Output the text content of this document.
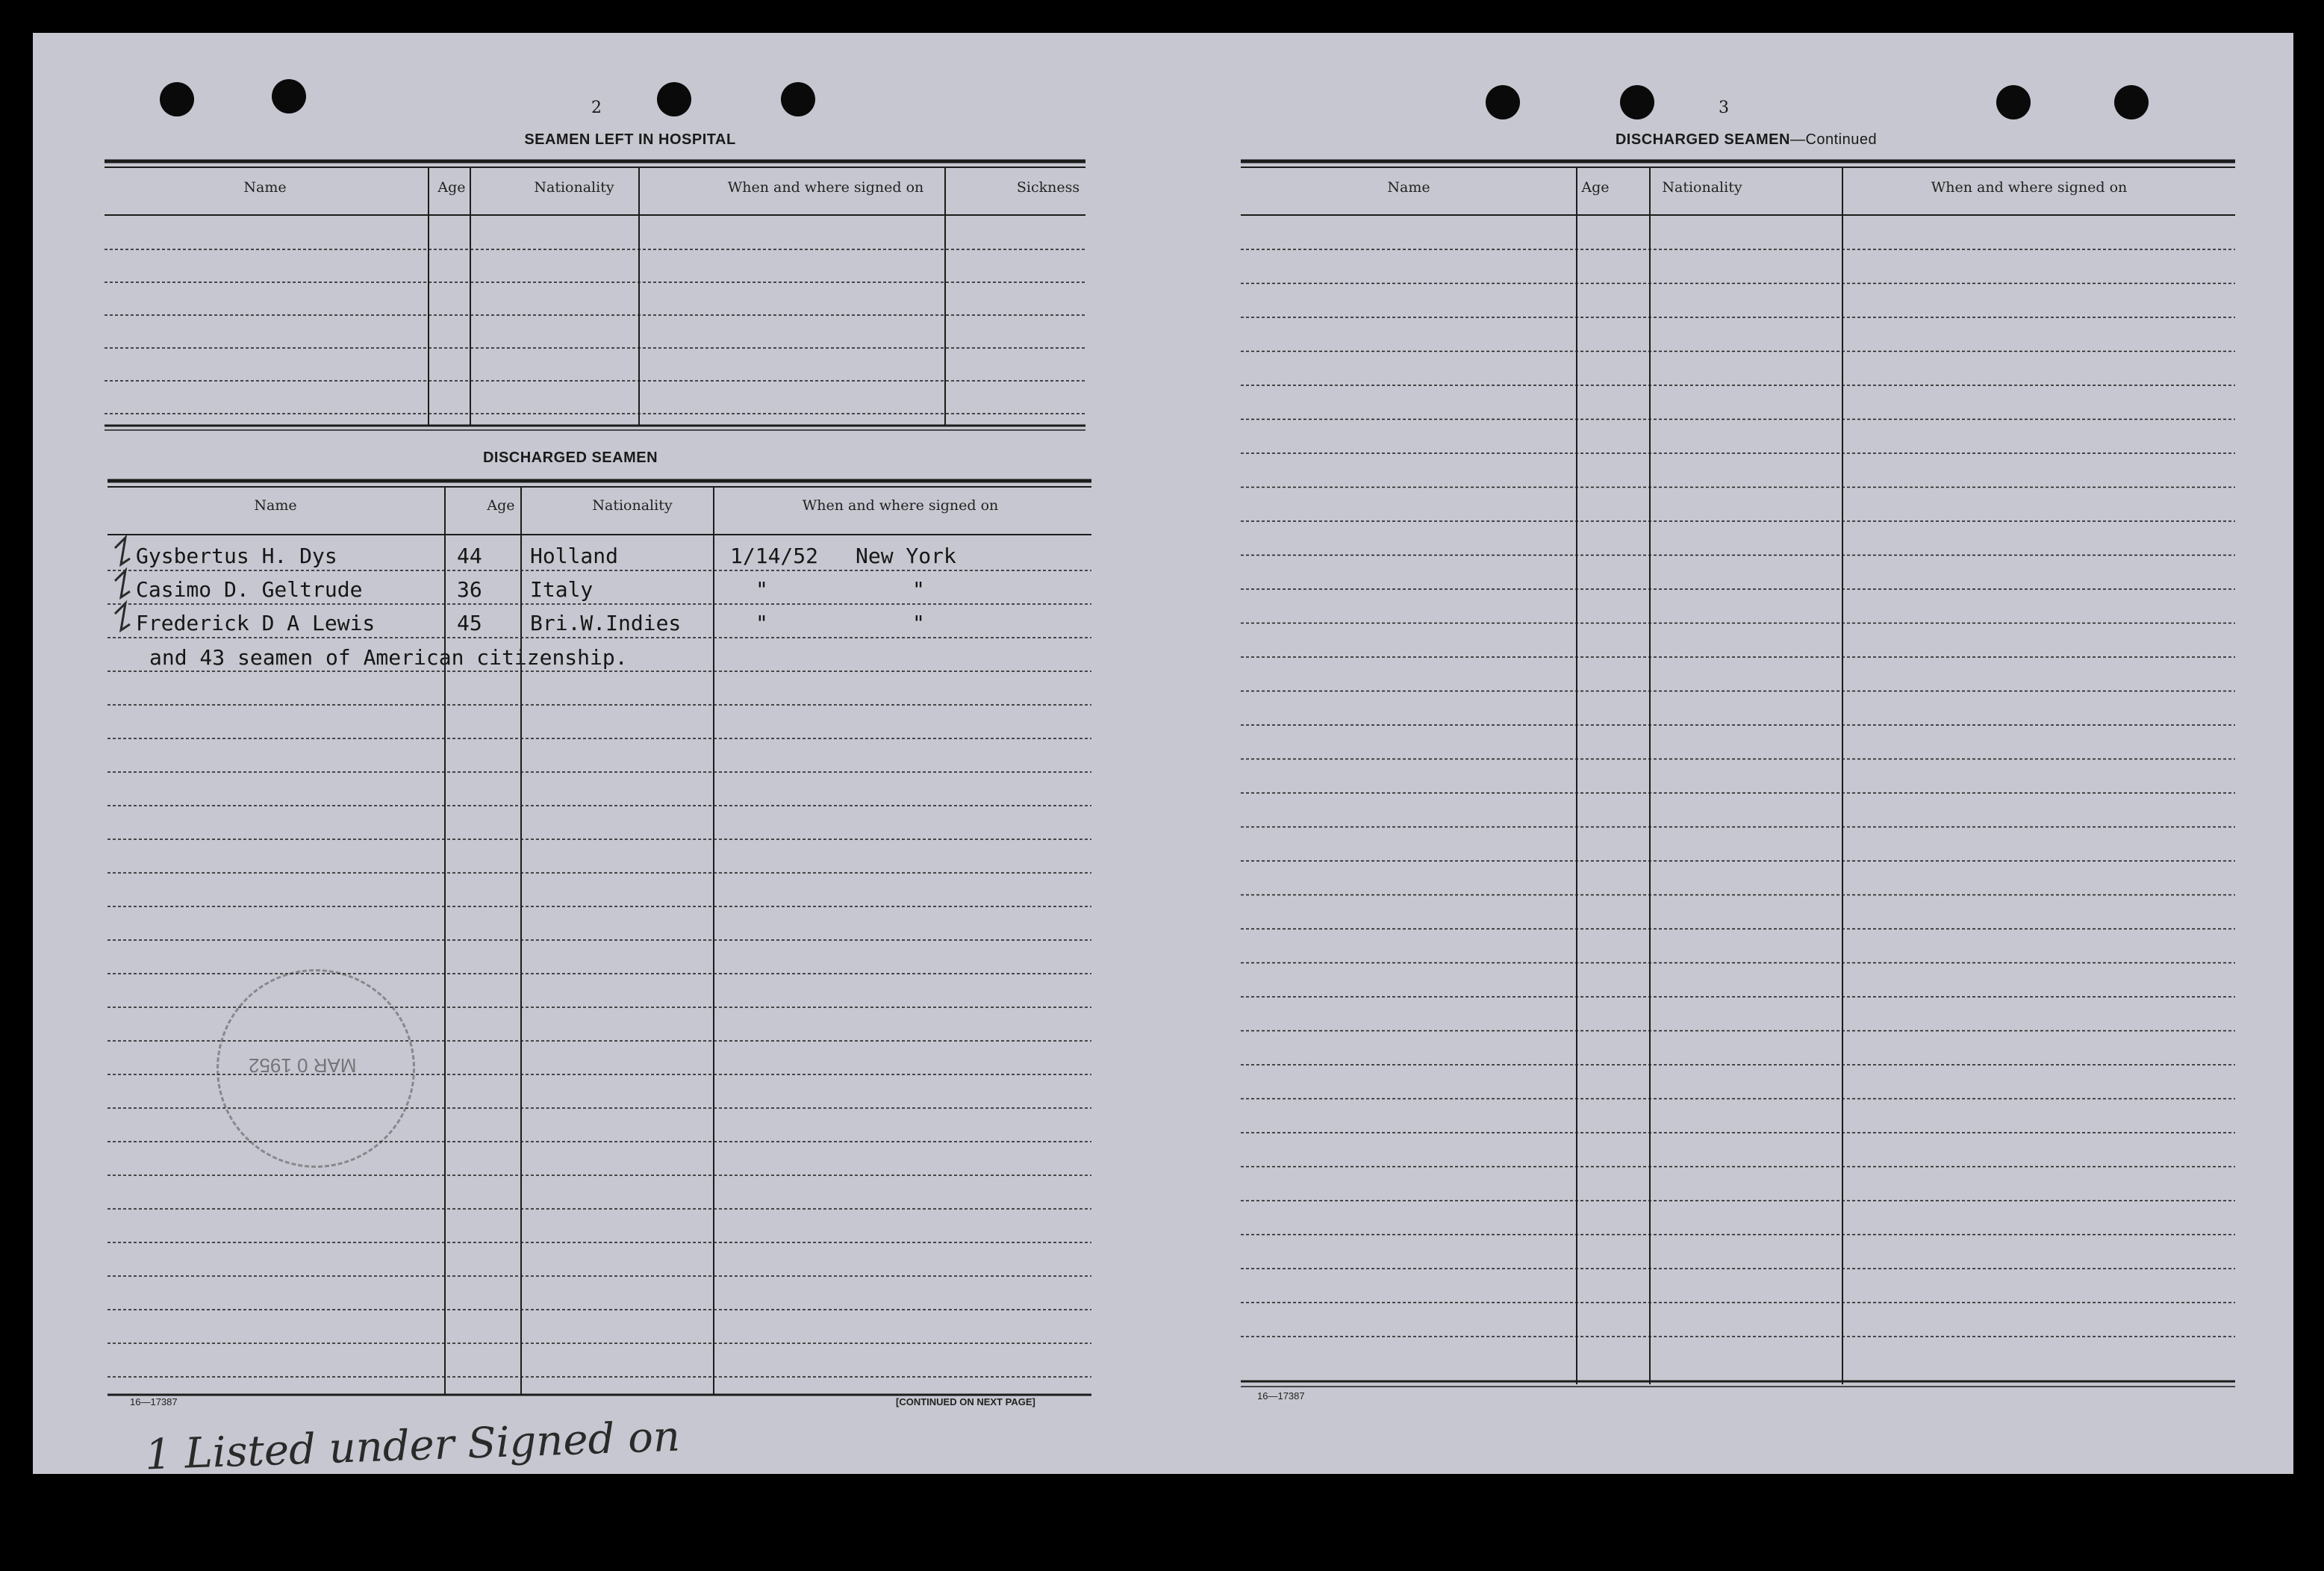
2
SEAMEN LEFT IN HOSPITAL
Name	Age	Nationality	When and where signed on	Sickness
DISCHARGED SEAMEN
Name	Age	Nationality	When and where signed on
Gysbertus H. Dys	44 Holland	1/14/52 New York
Casimo D. Geltrude	36 Italy	"	"
Frederick D A Lewis	45 Bri.W.Indies	"	"
and 43 seamen of American citizenship.
16—17387	[CONTINUED ON NEXT PAGE]
MAR 0 1952
1 Listed under Signed on
3
DISCHARGED SEAMEN—Continued
Name	Age	Nationality	When and where signed on
16—17387
